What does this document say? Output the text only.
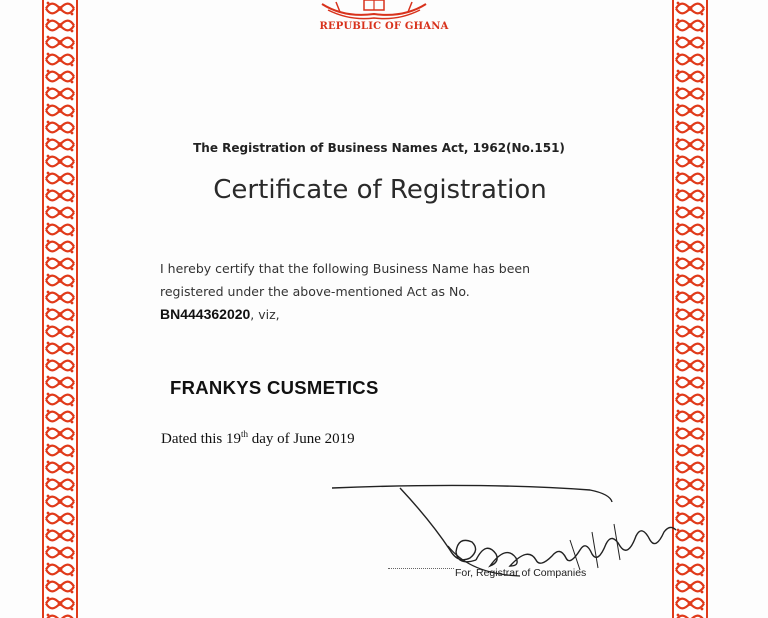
REPUBLIC OF GHANA
The Registration of Business Names Act, 1962(No.151)
Certificate of Registration
I hereby certify that the following Business Name has been
registered under the above-mentioned Act as No.
BN444362020, viz,
FRANKYS CUSMETICS
Dated this 19th day of June 2019
For, Registrar of Companies
